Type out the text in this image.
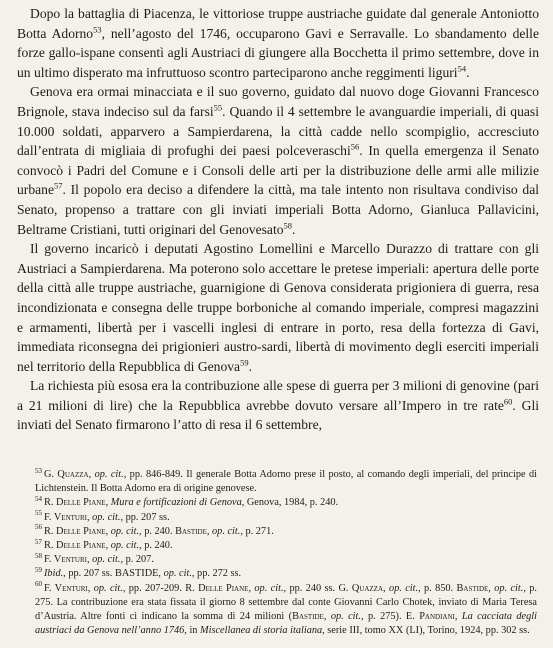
Dopo la battaglia di Piacenza, le vittoriose truppe austriache guidate dal generale Antoniotto Botta Adorno$^{53}$, nell’agosto del 1746, occuparono Gavi e Serravalle. Lo sbandamento delle forze gallo-ispane consentì agli Austriaci di giungere alla Bocchetta il primo settembre, dove in un ultimo disperato ma infruttuoso scontro parteciparono anche reggimenti liguri$^{54}$.

Genova era ormai minacciata e il suo governo, guidato dal nuovo doge Giovanni Francesco Brignole, stava indeciso sul da farsi$^{55}$. Quando il 4 settembre le avanguardie imperiali, di quasi 10.000 soldati, apparvero a Sampierdarena, la città cadde nello scompiglio, accresciuto dall’entrata di migliaia di profughi dei paesi polceveraschi$^{56}$. In quella emergenza il Senato convocò i Padri del Comune e i Consoli delle arti per la distribuzione delle armi alle milizie urbane$^{57}$. Il popolo era deciso a difendere la città, ma tale intento non risultava condiviso dal Senato, propenso a trattare con gli inviati imperiali Botta Adorno, Gianluca Pallavicini, Beltrame Cristiani, tutti originari del Genovesato$^{58}$.

Il governo incaricò i deputati Agostino Lomellini e Marcello Durazzo di trattare con gli Austriaci a Sampierdarena. Ma poterono solo accettare le pretese imperiali: apertura delle porte della città alle truppe austriache, guarnigione di Genova considerata prigioniera di guerra, resa incondizionata e consegna delle truppe borboniche al comando imperiale, compresi magazzini e armamenti, libertà per i vascelli inglesi di entrare in porto, resa della fortezza di Gavi, immediata riconsegna dei prigionieri austro-sardi, libertà di movimento degli eserciti imperiali nel territorio della Repubblica di Genova$^{59}$.

La richiesta più esosa era la contribuzione alle spese di guerra per 3 milioni di genovine (pari a 21 milioni di lire) che la Repubblica avrebbe dovuto versare all’Impero in tre rate$^{60}$. Gli inviati del Senato firmarono l’atto di resa il 6 settembre,

$^{53}$ G. Quazza, op. cit., pp. 846-849. Il generale Botta Adorno prese il posto, al comando degli imperiali, del principe di Lichtenstein. Il Botta Adorno era di origine genovese.

$^{54}$ R. Delle Piane, Mura e fortificazioni di Genova, Genova, 1984, p. 240.

$^{55}$ F. Venturi, op. cit., pp. 207 ss.

$^{56}$ R. Delle Piane, op. cit., p. 240. Bastide, op. cit., p. 271.

$^{57}$ R. Delle Piane, op. cit., p. 240.

$^{58}$ F. Venturi, op. cit., p. 207.

$^{59}$ Ibid., pp. 207 ss. BASTIDE, op. cit., pp. 272 ss.

$^{60}$ F. Venturi, op. cit., pp. 207-209. R. Delle Piane, op. cit., pp. 240 ss. G. Quazza, op. cit., p. 850. Bastide, op. cit., p. 275. La contribuzione era stata fissata il giorno 8 settembre dal conte Giovanni Carlo Chotek, inviato di Maria Teresa d’Austria. Altre fonti ci indicano la somma di 24 milioni (Bastide, op. cit., p. 275). E. Pandiani, La cacciata degli austriaci da Genova nell’anno 1746, in Miscellanea di storia italiana, serie III, tomo XX (LI), Torino, 1924, pp. 302 ss.
